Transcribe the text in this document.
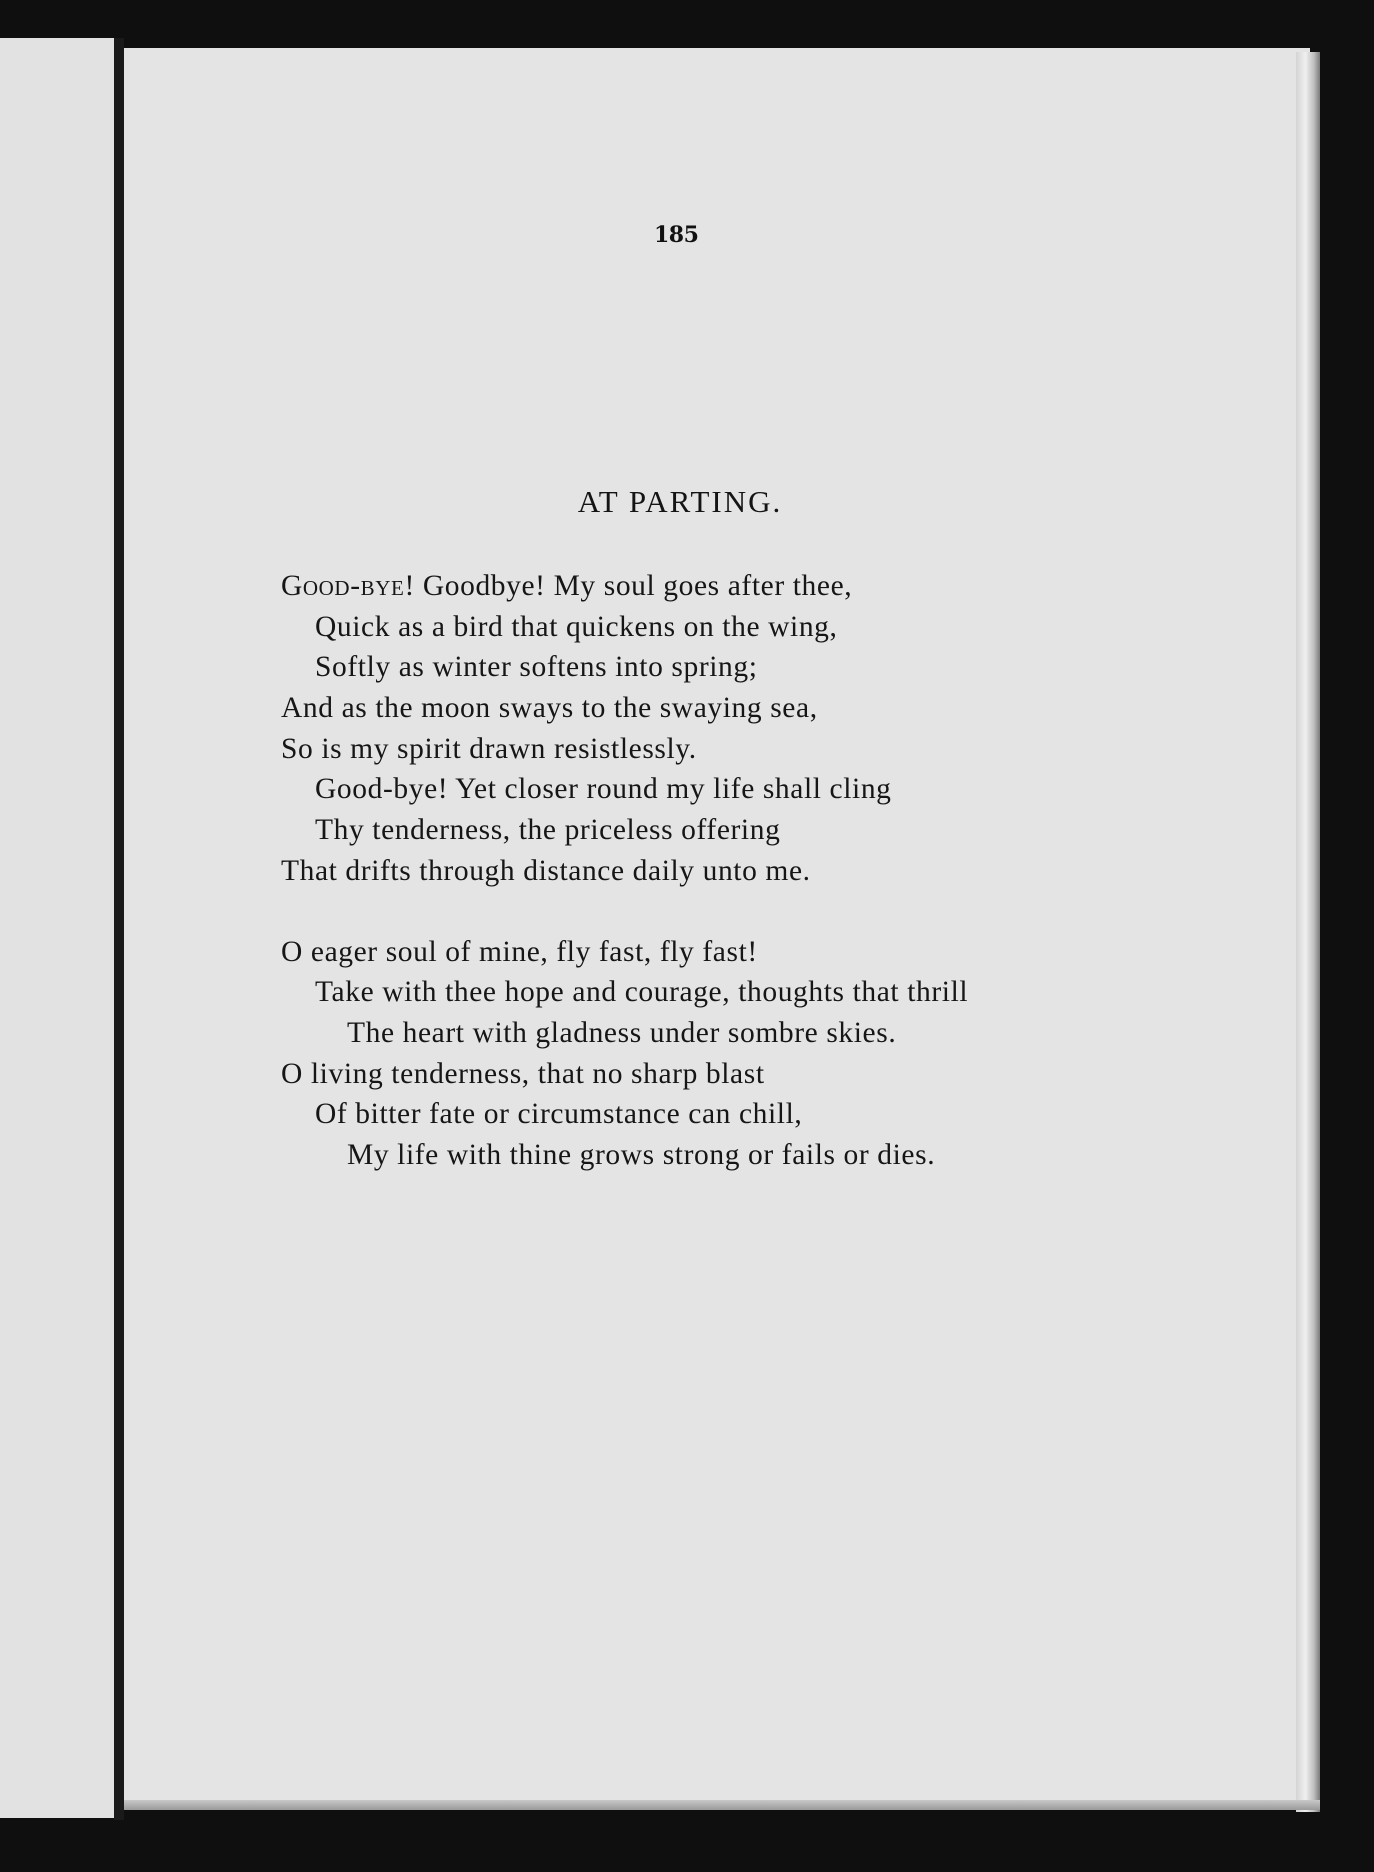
185
AT PARTING.
Good-bye! Goodbye! My soul goes after thee,
Quick as a bird that quickens on the wing,
Softly as winter softens into spring;
And as the moon sways to the swaying sea,
So is my spirit drawn resistlessly.
Good-bye! Yet closer round my life shall cling
Thy tenderness, the priceless offering
That drifts through distance daily unto me.
O eager soul of mine, fly fast, fly fast!
Take with thee hope and courage, thoughts that thrill
The heart with gladness under sombre skies.
O living tenderness, that no sharp blast
Of bitter fate or circumstance can chill,
My life with thine grows strong or fails or dies.
